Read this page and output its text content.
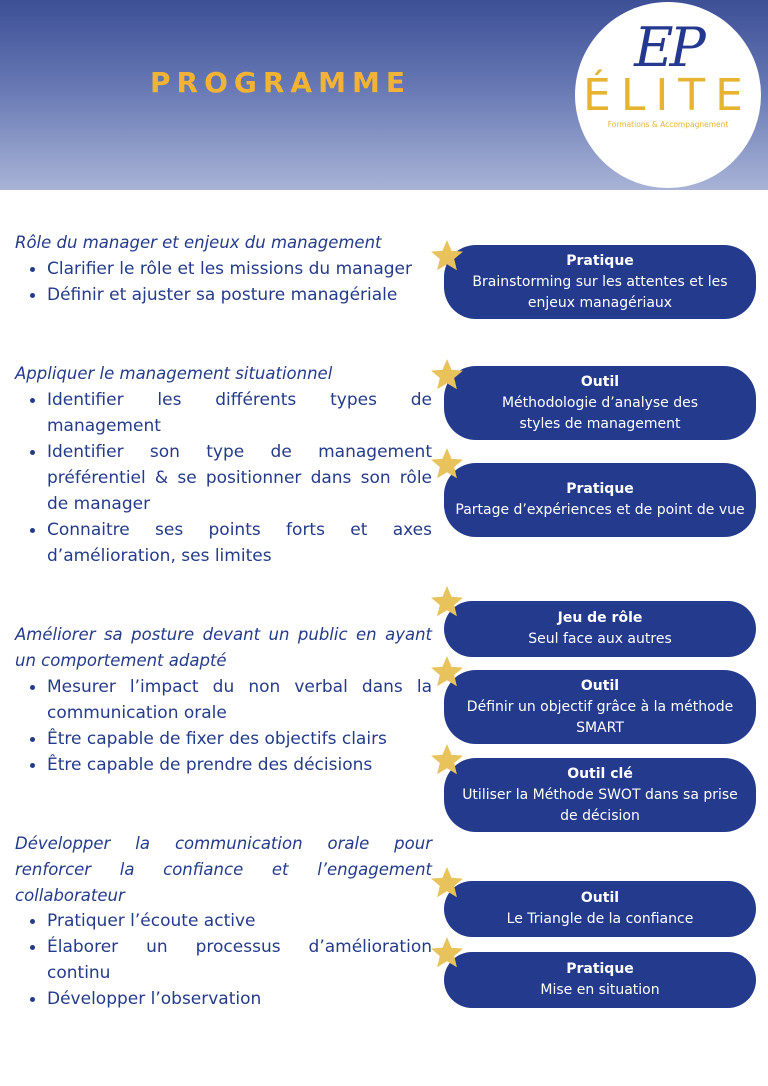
PROGRAMME
EP
ÉLITE
Formations & Accompagnement
Rôle du manager et enjeux du management
Clarifier le rôle et les missions du manager
Définir et ajuster sa posture managériale
Appliquer le management situationnel
Identifier les différents types de management
Identifier son type de management préférentiel & se positionner dans son rôle de manager
Connaitre ses points forts et axes d’amélioration, ses limites
Améliorer sa posture devant un public en ayant un comportement adapté
Mesurer l’impact du non verbal dans la communication orale
Être capable de fixer des objectifs clairs
Être capable de prendre des décisions
Développer la communication orale pour renforcer la confiance et l’engagement collaborateur
Pratiquer l’écoute active
Élaborer un processus d’amélioration continu
Développer l’observation
Pratique
Brainstorming sur les attentes et les enjeux managériaux
Outil
Méthodologie d’analyse des styles de management
Pratique
Partage d’expériences et de point de vue
Jeu de rôle
Seul face aux autres
Outil
Définir un objectif grâce à la méthode SMART
Outil clé
Utiliser la Méthode SWOT dans sa prise de décision
Outil
Le Triangle de la confiance
Pratique
Mise en situation
